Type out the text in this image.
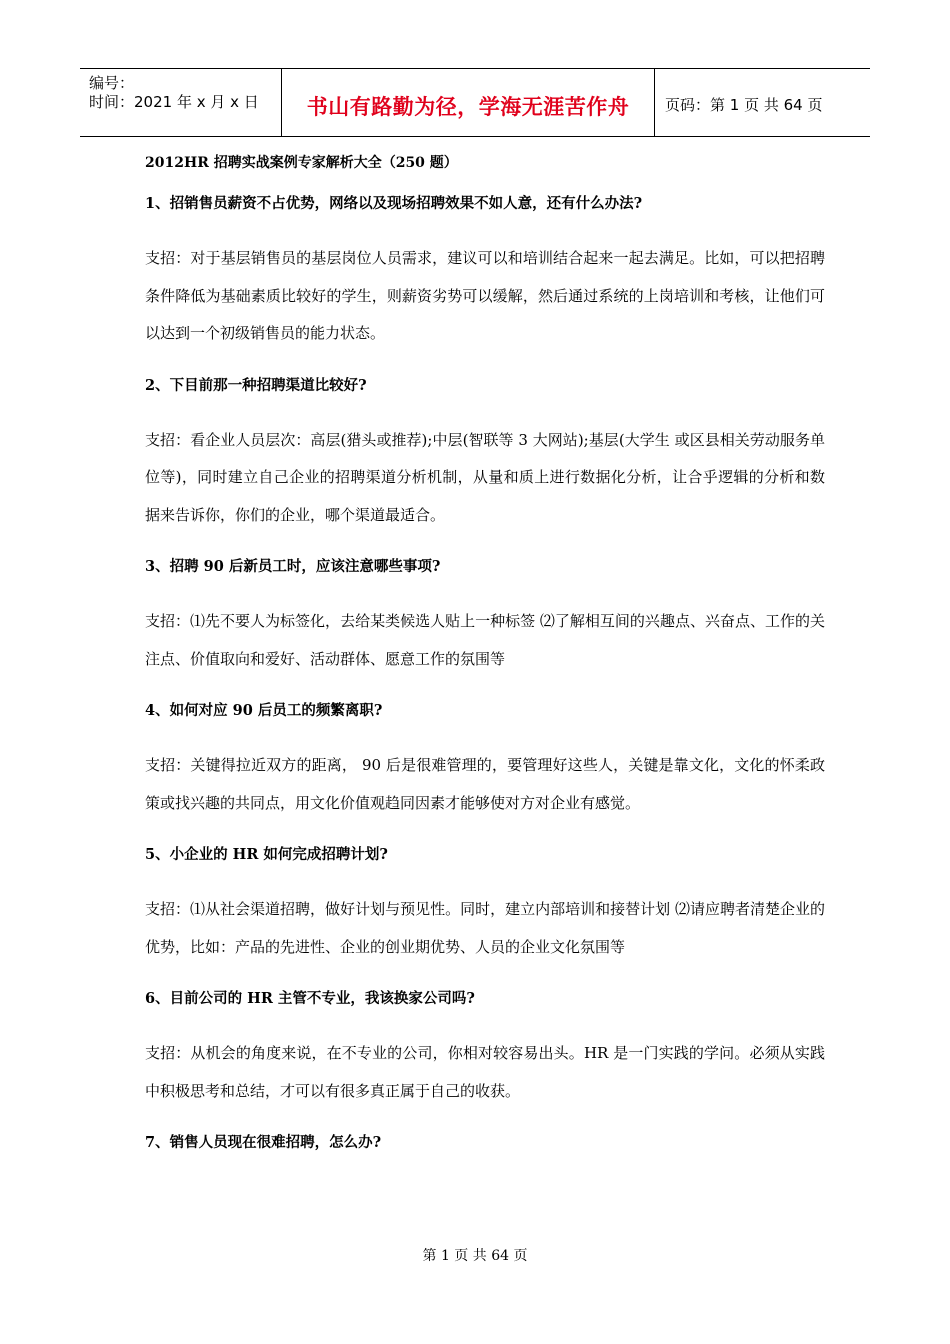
编号：
时间：2021 年 x 月 x 日	书山有路勤为径，学海无涯苦作舟	页码：第 1 页 共 64 页
2012HR 招聘实战案例专家解析大全（250 题）
1、招销售员薪资不占优势，网络以及现场招聘效果不如人意，还有什么办法?
支招：对于基层销售员的基层岗位人员需求，建议可以和培训结合起来一起去满足。比如，可以把招聘条件降低为基础素质比较好的学生，则薪资劣势可以缓解，然后通过系统的上岗培训和考核，让他们可以达到一个初级销售员的能力状态。
2、下目前那一种招聘渠道比较好?
支招：看企业人员层次：高层(猎头或推荐);中层(智联等 3 大网站);基层(大学生 或区县相关劳动服务单位等)，同时建立自己企业的招聘渠道分析机制，从量和质上进行数据化分析，让合乎逻辑的分析和数据来告诉你，你们的企业，哪个渠道最适合。
3、招聘 90 后新员工时，应该注意哪些事项?
支招：⑴先不要人为标签化，去给某类候选人贴上一种标签 ⑵了解相互间的兴趣点、兴奋点、工作的关注点、价值取向和爱好、活动群体、愿意工作的氛围等
4、如何对应 90 后员工的频繁离职?
支招：关键得拉近双方的距离， 90 后是很难管理的，要管理好这些人，关键是靠文化，文化的怀柔政策或找兴趣的共同点，用文化价值观趋同因素才能够使对方对企业有感觉。
5、小企业的 HR 如何完成招聘计划?
支招：⑴从社会渠道招聘，做好计划与预见性。同时，建立内部培训和接替计划 ⑵请应聘者清楚企业的优势，比如：产品的先进性、企业的创业期优势、人员的企业文化氛围等
6、目前公司的 HR 主管不专业，我该换家公司吗?
支招：从机会的角度来说，在不专业的公司，你相对较容易出头。HR 是一门实践的学问。必须从实践中积极思考和总结，才可以有很多真正属于自己的收获。
7、销售人员现在很难招聘，怎么办?
第 1 页 共 64 页
